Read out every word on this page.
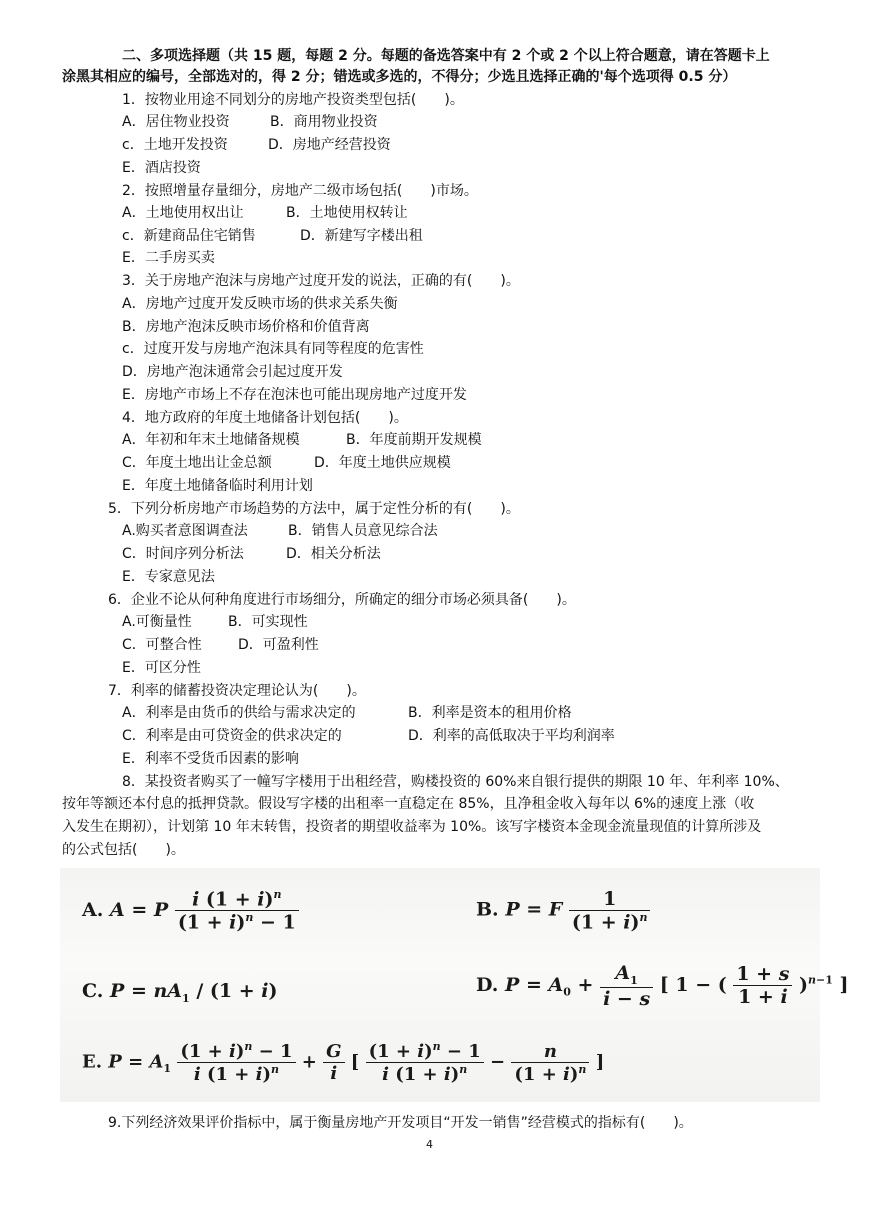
二、多项选择题（共 15 题，每题 2 分。每题的备选答案中有 2 个或 2 个以上符合题意，请在答题卡上
涂黑其相应的编号，全部选对的，得 2 分；错选或多选的，不得分；少选且选择正确的'每个选项得 0.5 分）
1．按物业用途不同划分的房地产投资类型包括(　　)。
A．居住物业投资	B．商用物业投资
c．土地开发投资	D．房地产经营投资
E．酒店投资
2．按照增量存量细分，房地产二级市场包括(　　)市场。
A．土地使用权出让	B．土地使用权转让
c．新建商品住宅销售	D．新建写字楼出租
E．二手房买卖
3．关于房地产泡沫与房地产过度开发的说法，正确的有(　　)。
A．房地产过度开发反映市场的供求关系失衡
B．房地产泡沫反映市场价格和价值背离
c．过度开发与房地产泡沫具有同等程度的危害性
D．房地产泡沫通常会引起过度开发
E．房地产市场上不存在泡沫也可能出现房地产过度开发
4．地方政府的年度土地储备计划包括(　　)。
A．年初和年末土地储备规模	B．年度前期开发规模
C．年度土地出让金总额	D．年度土地供应规模
E．年度土地储备临时利用计划
5．下列分析房地产市场趋势的方法中，属于定性分析的有(　　)。
A.购买者意图调查法	B．销售人员意见综合法
C．时间序列分析法	D．相关分析法
E．专家意见法
6．企业不论从何种角度进行市场细分，所确定的细分市场必须具备(　　)。
A.可衡量性	B．可实现性
C．可整合性	D．可盈利性
E．可区分性
7．利率的储蓄投资决定理论认为(　　)。
A．利率是由货币的供给与需求决定的	B．利率是资本的租用价格
C．利率是由可贷资金的供求决定的	D．利率的高低取决于平均利润率
E．利率不受货币因素的影响
8．某投资者购买了一幢写字楼用于出租经营，购楼投资的 60%来自银行提供的期限 10 年、年利率 10%、
按年等额还本付息的抵押贷款。假设写字楼的出租率一直稳定在 85%，且净租金收入每年以 6%的速度上涨（收
入发生在期初），计划第 10 年末转售，投资者的期望收益率为 10%。该写字楼资本金现金流量现值的计算所涉及
的公式包括(　　)。
A. A = P $\frac{i (1 + i)^n}{(1 + i)^n - 1}$	B. P = F $\frac{1}{(1 + i)^n}$
C. $P = nA_1 / (1 + i)$	D. $P = A_0 + \frac{A_1}{i - s}$ [ 1 − ( $\frac{1 + s}{1 + i} )^{n-1}$ ]
E. $P = A_1 \frac{(1 + i)^n - 1}{i (1 + i)^n} + \frac{G}{i}$ [ $\frac{(1 + i)^n - 1}{i (1 + i)^n} - \frac{n}{(1 + i)^n}$ ]
9.下列经济效果评价指标中，属于衡量房地产开发项目“开发一销售”经营模式的指标有(　　)。
4
